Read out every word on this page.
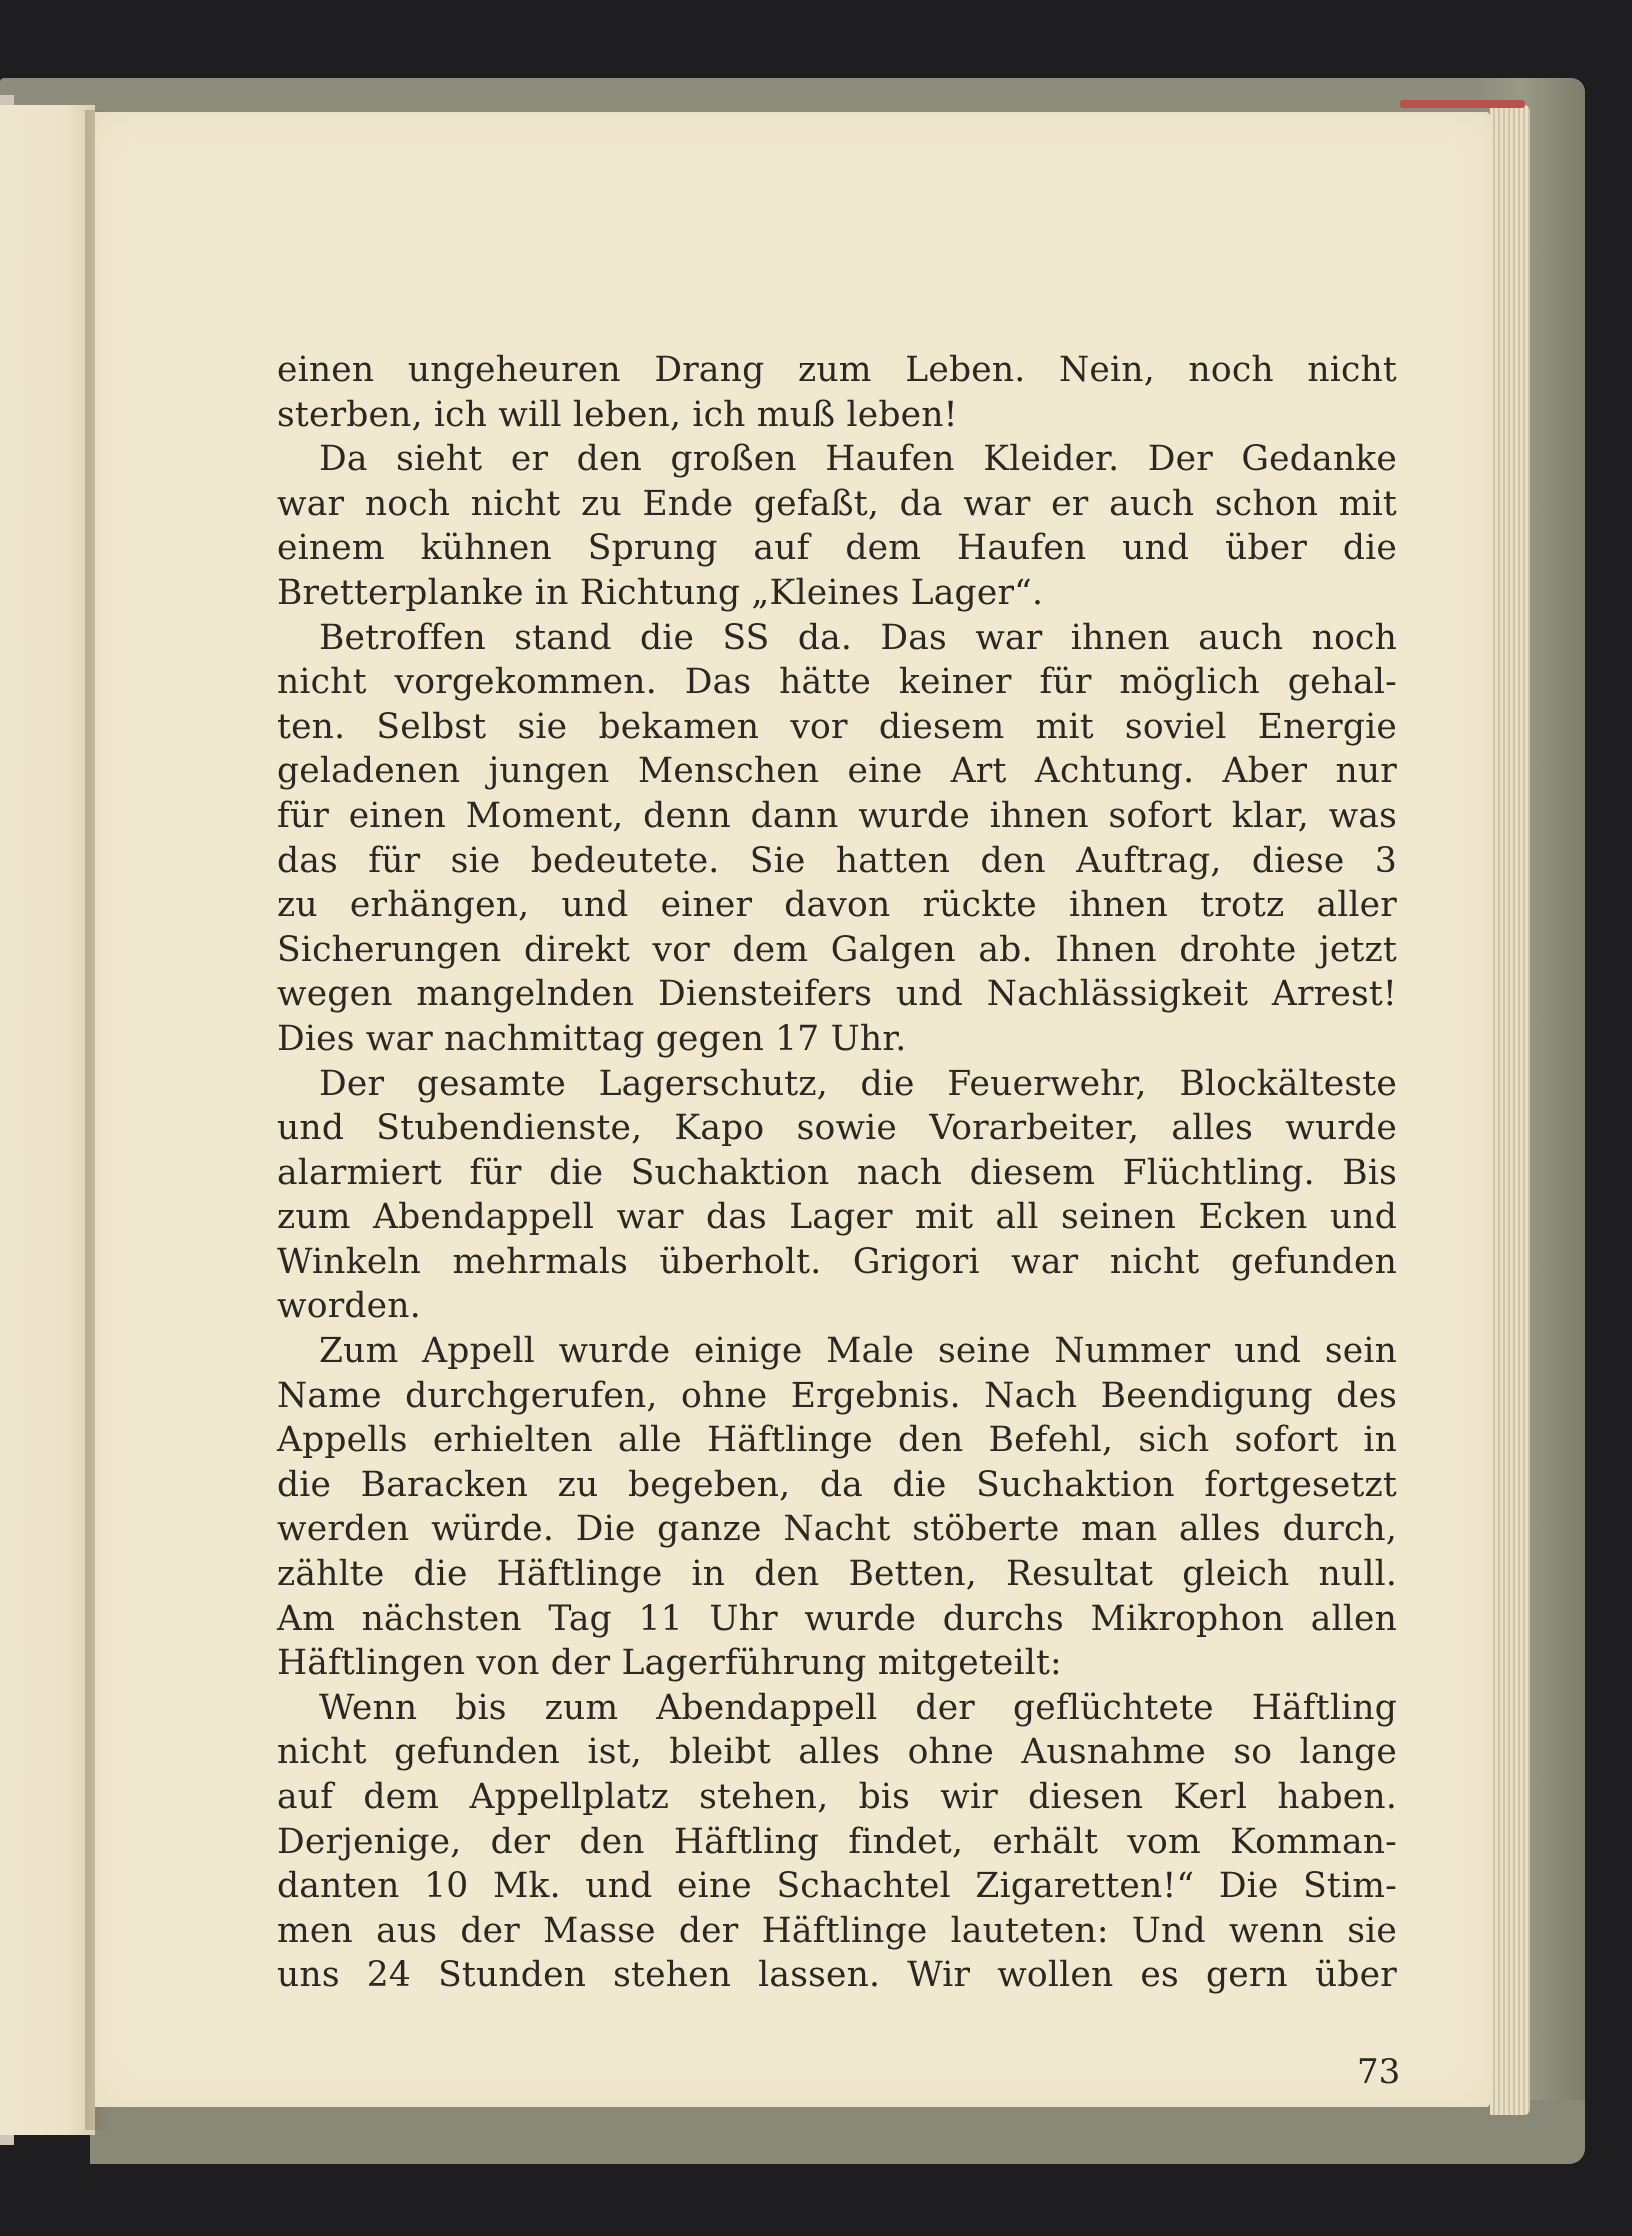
einen ungeheuren Drang zum Leben. Nein, noch nicht
sterben, ich will leben, ich muß leben!
Da sieht er den großen Haufen Kleider. Der Gedanke
war noch nicht zu Ende gefaßt, da war er auch schon mit
einem kühnen Sprung auf dem Haufen und über die
Bretterplanke in Richtung „Kleines Lager“.
Betroffen stand die SS da. Das war ihnen auch noch
nicht vorgekommen. Das hätte keiner für möglich gehal-
ten. Selbst sie bekamen vor diesem mit soviel Energie
geladenen jungen Menschen eine Art Achtung. Aber nur
für einen Moment, denn dann wurde ihnen sofort klar, was
das für sie bedeutete. Sie hatten den Auftrag, diese 3
zu erhängen, und einer davon rückte ihnen trotz aller
Sicherungen direkt vor dem Galgen ab. Ihnen drohte jetzt
wegen mangelnden Diensteifers und Nachlässigkeit Arrest!
Dies war nachmittag gegen 17 Uhr.
Der gesamte Lagerschutz, die Feuerwehr, Blockälteste
und Stubendienste, Kapo sowie Vorarbeiter, alles wurde
alarmiert für die Suchaktion nach diesem Flüchtling. Bis
zum Abendappell war das Lager mit all seinen Ecken und
Winkeln mehrmals überholt. Grigori war nicht gefunden
worden.
Zum Appell wurde einige Male seine Nummer und sein
Name durchgerufen, ohne Ergebnis. Nach Beendigung des
Appells erhielten alle Häftlinge den Befehl, sich sofort in
die Baracken zu begeben, da die Suchaktion fortgesetzt
werden würde. Die ganze Nacht stöberte man alles durch,
zählte die Häftlinge in den Betten, Resultat gleich null.
Am nächsten Tag 11 Uhr wurde durchs Mikrophon allen
Häftlingen von der Lagerführung mitgeteilt:
Wenn bis zum Abendappell der geflüchtete Häftling
nicht gefunden ist, bleibt alles ohne Ausnahme so lange
auf dem Appellplatz stehen, bis wir diesen Kerl haben.
Derjenige, der den Häftling findet, erhält vom Komman-
danten 10 Mk. und eine Schachtel Zigaretten!“ Die Stim-
men aus der Masse der Häftlinge lauteten: Und wenn sie
uns 24 Stunden stehen lassen. Wir wollen es gern über
73
